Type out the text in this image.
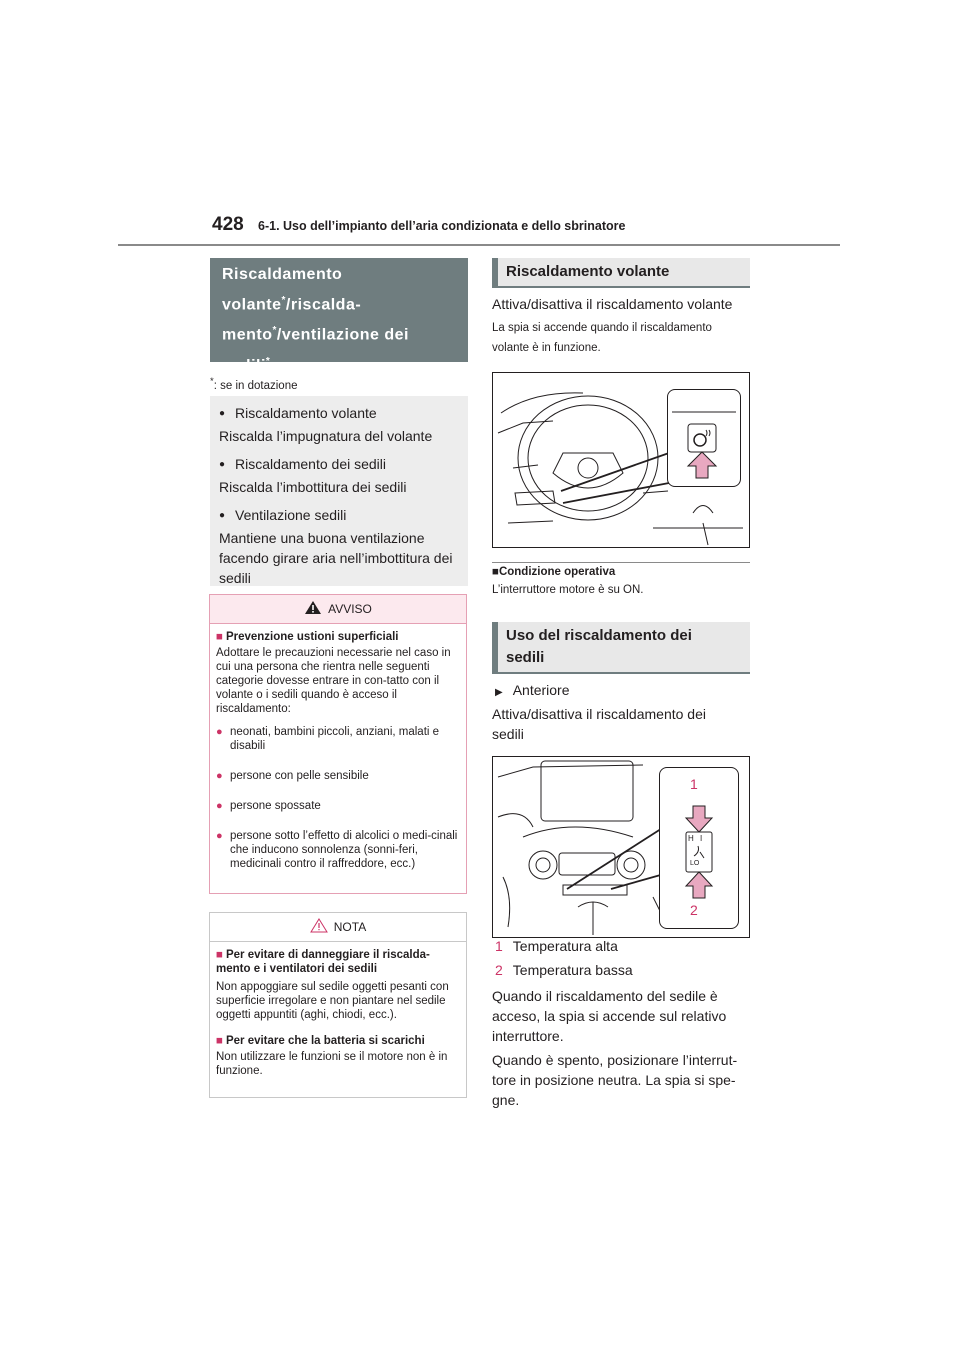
428 6-1. Uso dell’impianto dell’aria condizionata e dello sbrinatore
Riscaldamento
volante*/riscalda-
mento*/ventilazione dei
sedili*
*: se in dotazione
● Riscaldamento volante
Riscalda l’impugnatura del volante
● Riscaldamento dei sedili
Riscalda l’imbottitura dei sedili
● Ventilazione sedili
Mantiene una buona ventilazione facendo girare aria nell’imbottitura dei sedili
AVVISO
■ Prevenzione ustioni superficiali
Adottare le precauzioni necessarie nel caso in cui una persona che rientra nelle seguenti categorie dovesse entrare in con-tatto con il volante o i sedili quando è acceso il riscaldamento:
● neonati, bambini piccoli, anziani, malati e disabili
● persone con pelle sensibile
● persone spossate
● persone sotto l’effetto di alcolici o medi-cinali che inducono sonnolenza (sonni-feri, medicinali contro il raffreddore, ecc.)
NOTA
■ Per evitare di danneggiare il riscalda-mento e i ventilatori dei sedili
Non appoggiare sul sedile oggetti pesanti con superficie irregolare e non piantare nel sedile oggetti appuntiti (aghi, chiodi, ecc.).
■ Per evitare che la batteria si scarichi
Non utilizzare le funzioni se il motore non è in funzione.
Riscaldamento volante
Attiva/disattiva il riscaldamento volante
La spia si accende quando il riscaldamento volante è in funzione.
■Condizione operativa
L’interruttore motore è su ON.
Uso del riscaldamento dei sedili
▶ Anteriore
Attiva/disattiva il riscaldamento dei sedili
1
H I
LO
2
1 Temperatura alta
2 Temperatura bassa
Quando il riscaldamento del sedile è acceso, la spia si accende sul relativo interruttore.
Quando è spento, posizionare l’interrut-tore in posizione neutra. La spia si spe-gne.
